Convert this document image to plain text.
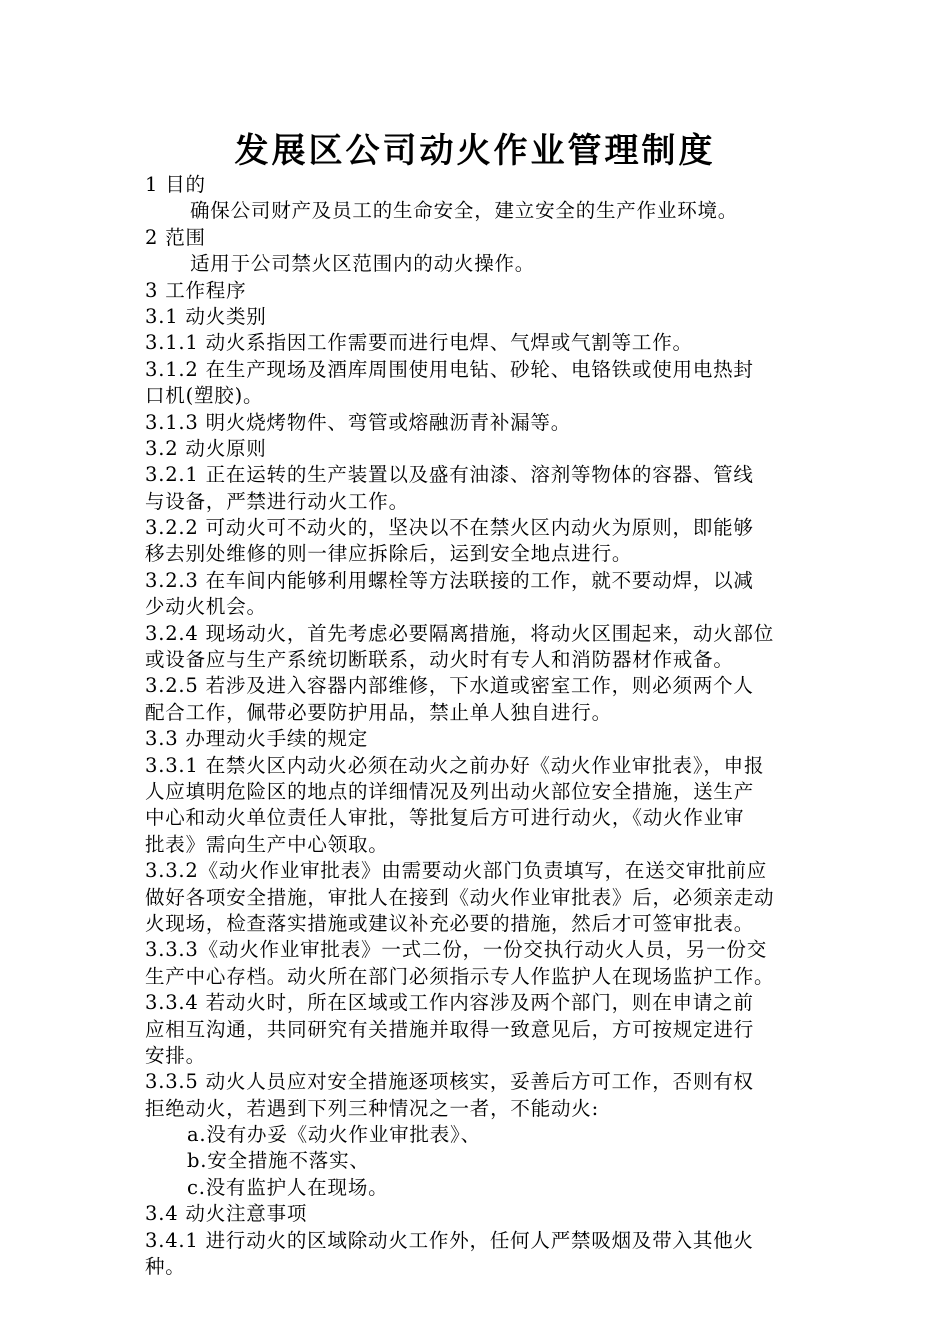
发展区公司动火作业管理制度
1 目的
确保公司财产及员工的生命安全，建立安全的生产作业环境。
2 范围
适用于公司禁火区范围内的动火操作。
3 工作程序
3.1 动火类别
3.1.1 动火系指因工作需要而进行电焊、气焊或气割等工作。
3.1.2 在生产现场及酒库周围使用电钻、砂轮、电铬铁或使用电热封
口机(塑胶)。
3.1.3 明火烧烤物件、弯管或熔融沥青补漏等。
3.2 动火原则
3.2.1 正在运转的生产装置以及盛有油漆、溶剂等物体的容器、管线
与设备，严禁进行动火工作。
3.2.2 可动火可不动火的，坚决以不在禁火区内动火为原则，即能够
移去别处维修的则一律应拆除后，运到安全地点进行。
3.2.3 在车间内能够利用螺栓等方法联接的工作，就不要动焊，以减
少动火机会。
3.2.4 现场动火，首先考虑必要隔离措施，将动火区围起来，动火部位
或设备应与生产系统切断联系，动火时有专人和消防器材作戒备。
3.2.5 若涉及进入容器内部维修，下水道或密室工作，则必须两个人
配合工作，佩带必要防护用品，禁止单人独自进行。
3.3 办理动火手续的规定
3.3.1 在禁火区内动火必须在动火之前办好《动火作业审批表》，申报
人应填明危险区的地点的详细情况及列出动火部位安全措施，送生产
中心和动火单位责任人审批，等批复后方可进行动火，《动火作业审
批表》需向生产中心领取。
3.3.2《动火作业审批表》由需要动火部门负责填写，在送交审批前应
做好各项安全措施，审批人在接到《动火作业审批表》后，必须亲走动
火现场，检查落实措施或建议补充必要的措施，然后才可签审批表。
3.3.3《动火作业审批表》一式二份，一份交执行动火人员，另一份交
生产中心存档。动火所在部门必须指示专人作监护人在现场监护工作。
3.3.4 若动火时，所在区域或工作内容涉及两个部门，则在申请之前
应相互沟通，共同研究有关措施并取得一致意见后，方可按规定进行
安排。
3.3.5 动火人员应对安全措施逐项核实，妥善后方可工作，否则有权
拒绝动火，若遇到下列三种情况之一者，不能动火:
a.没有办妥《动火作业审批表》、
b.安全措施不落实、
c.没有监护人在现场。
3.4 动火注意事项
3.4.1 进行动火的区域除动火工作外，任何人严禁吸烟及带入其他火
种。
